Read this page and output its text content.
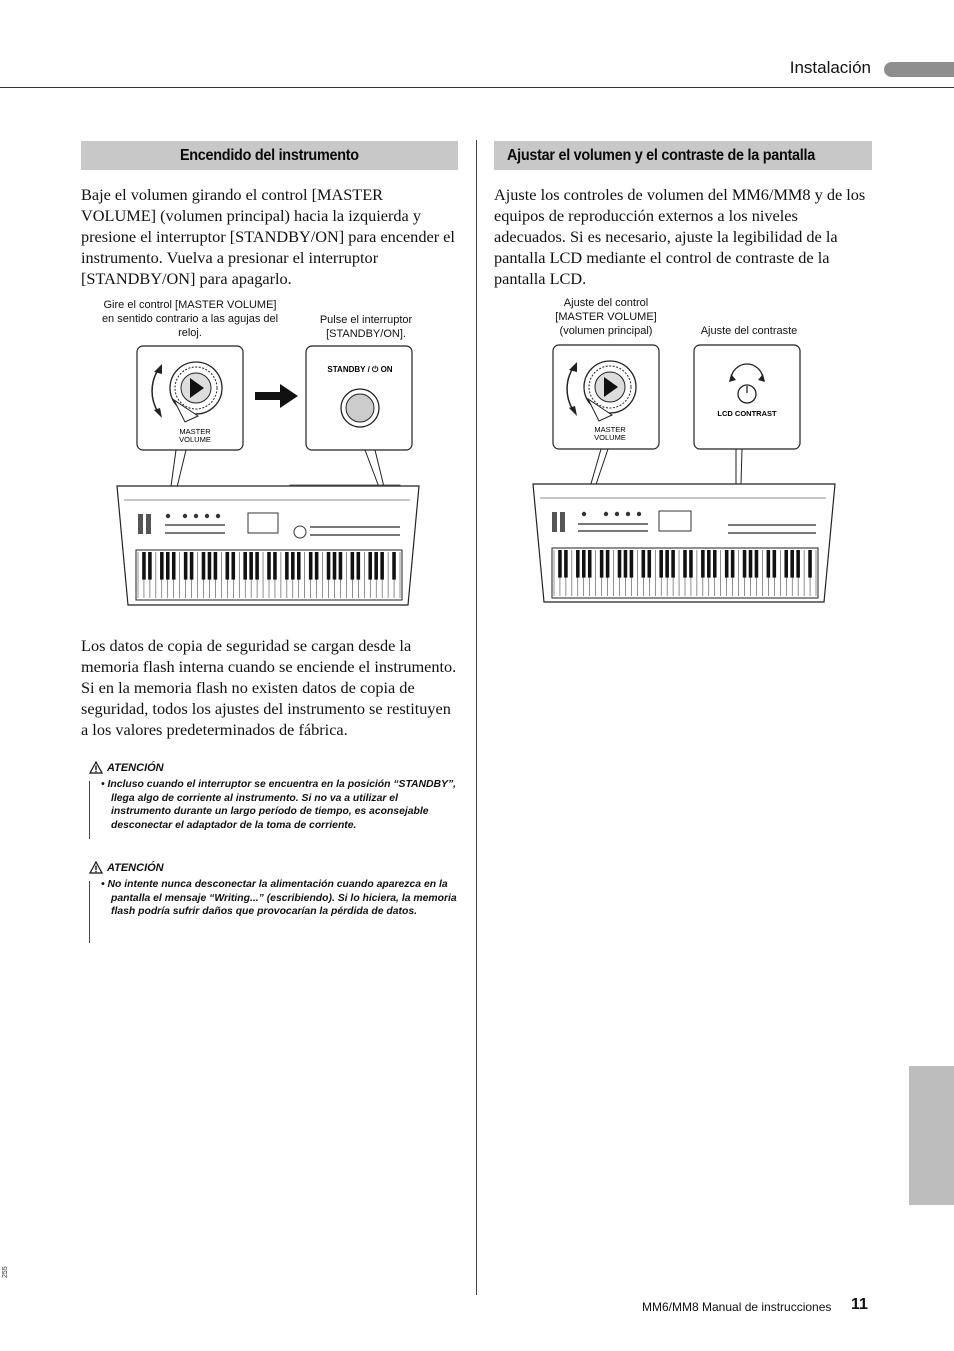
Instalación
Encendido del instrumento
Baje el volumen girando el control [MASTER VOLUME] (volumen principal) hacia la izquierda y presione el interruptor [STANDBY/ON] para encender el instrumento. Vuelva a presionar el interruptor [STANDBY/ON] para apagarlo.
Gire el control [MASTER VOLUME] en sentido contrario a las agujas del reloj.
Pulse el interruptor [STANDBY/ON].
MASTER
VOLUME
STANDBY / ⏻ ON
Los datos de copia de seguridad se cargan desde la memoria flash interna cuando se enciende el instrumento. Si en la memoria flash no existen datos de copia de seguridad, todos los ajustes del instrumento se restituyen a los valores predeterminados de fábrica.
ATENCIÓN
• Incluso cuando el interruptor se encuentra en la posición “STANDBY”, llega algo de corriente al instrumento. Si no va a utilizar el instrumento durante un largo período de tiempo, es aconsejable desconectar el adaptador de la toma de corriente.
ATENCIÓN
• No intente nunca desconectar la alimentación cuando aparezca en la pantalla el mensaje “Writing...” (escribiendo). Si lo hiciera, la memoria flash podría sufrir daños que provocarían la pérdida de datos.
Ajustar el volumen y el contraste de la pantalla
Ajuste los controles de volumen del MM6/MM8 y de los equipos de reproducción externos a los niveles adecuados. Si es necesario, ajuste la legibilidad de la pantalla LCD mediante el control de contraste de la pantalla LCD.
Ajuste del control [MASTER VOLUME] (volumen principal)	Ajuste del contraste
MASTER
VOLUME
LCD CONTRAST
255
MM6/MM8 Manual de instrucciones 11
